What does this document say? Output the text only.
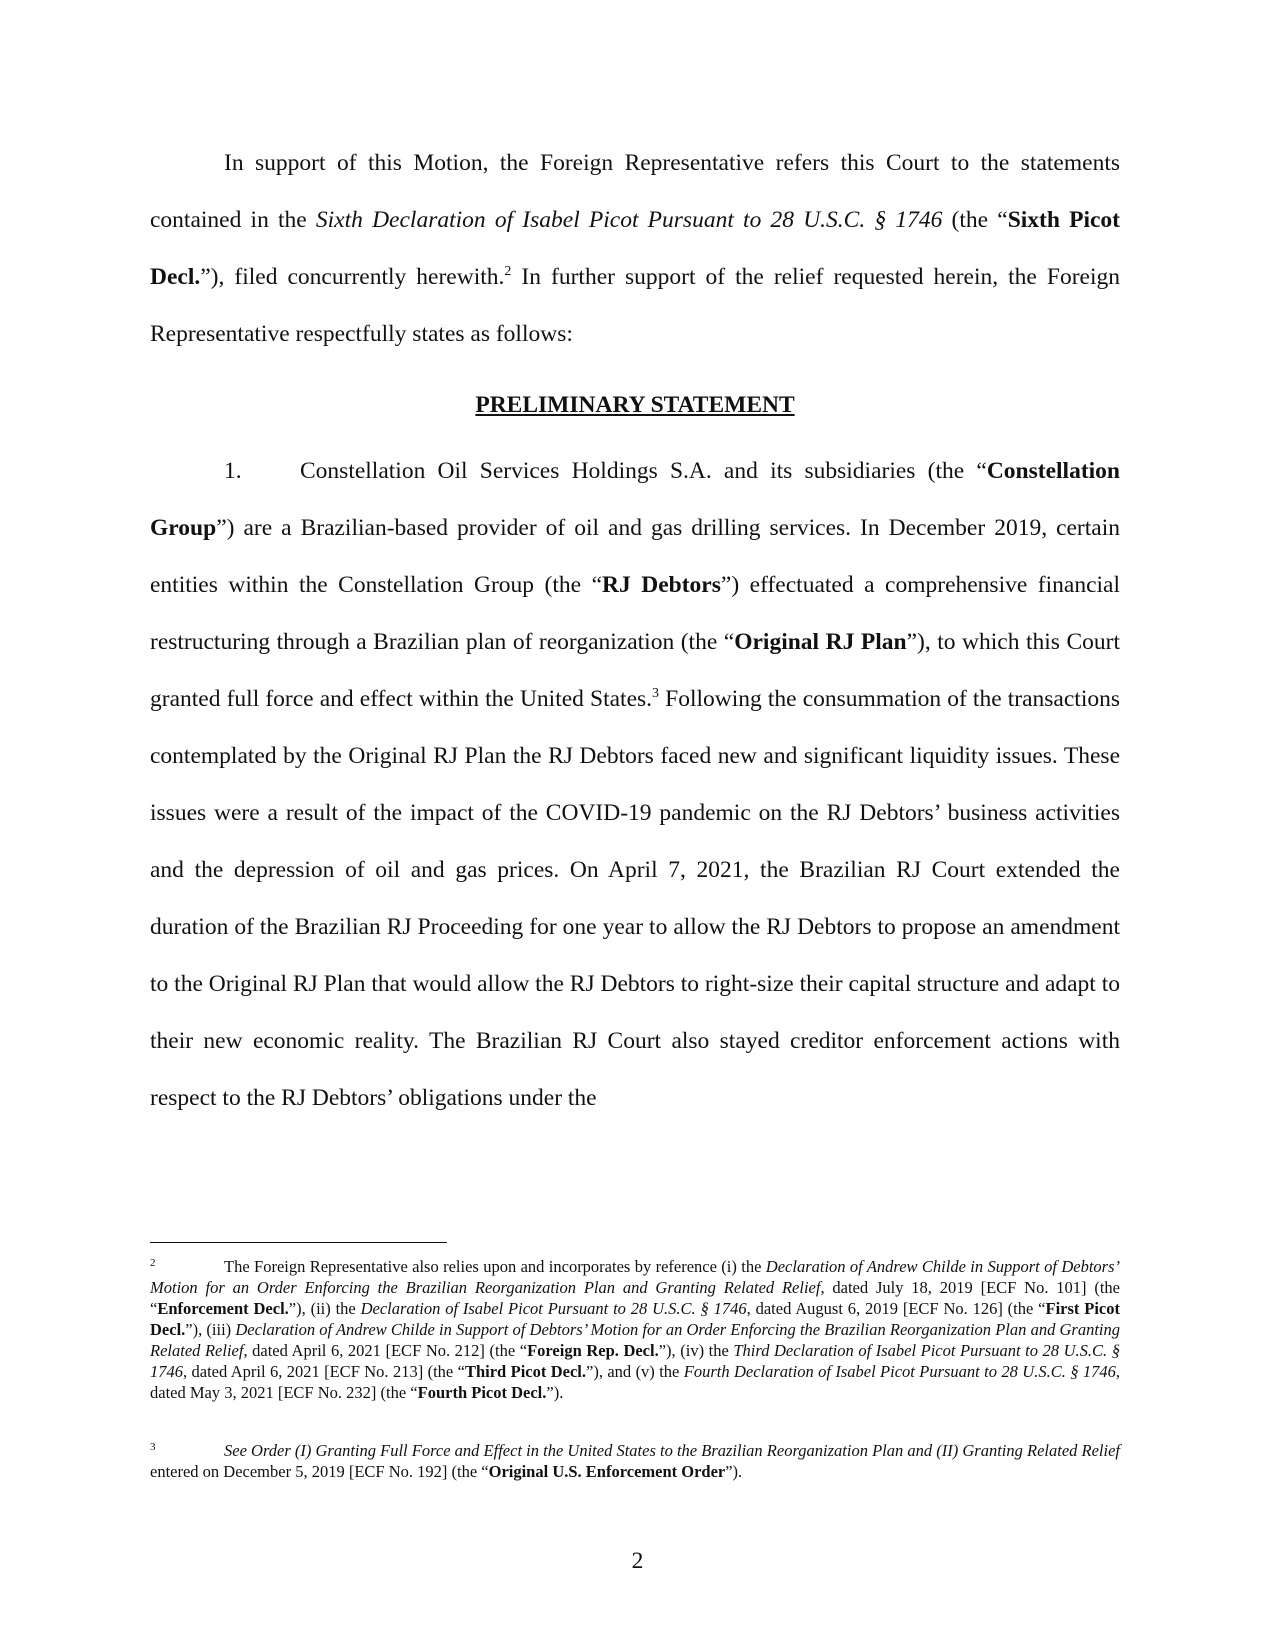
In support of this Motion, the Foreign Representative refers this Court to the statements contained in the Sixth Declaration of Isabel Picot Pursuant to 28 U.S.C. § 1746 (the “Sixth Picot Decl.”), filed concurrently herewith.$^2$ In further support of the relief requested herein, the Foreign Representative respectfully states as follows:

PRELIMINARY STATEMENT

1. Constellation Oil Services Holdings S.A. and its subsidiaries (the “Constellation Group”) are a Brazilian-based provider of oil and gas drilling services. In December 2019, certain entities within the Constellation Group (the “RJ Debtors”) effectuated a comprehensive financial restructuring through a Brazilian plan of reorganization (the “Original RJ Plan”), to which this Court granted full force and effect within the United States.$^3$ Following the consummation of the transactions contemplated by the Original RJ Plan the RJ Debtors faced new and significant liquidity issues. These issues were a result of the impact of the COVID-19 pandemic on the RJ Debtors’ business activities and the depression of oil and gas prices. On April 7, 2021, the Brazilian RJ Court extended the duration of the Brazilian RJ Proceeding for one year to allow the RJ Debtors to propose an amendment to the Original RJ Plan that would allow the RJ Debtors to right-size their capital structure and adapt to their new economic reality. The Brazilian RJ Court also stayed creditor enforcement actions with respect to the RJ Debtors’ obligations under the

2	The Foreign Representative also relies upon and incorporates by reference (i) the Declaration of Andrew Childe in Support of Debtors’ Motion for an Order Enforcing the Brazilian Reorganization Plan and Granting Related Relief, dated July 18, 2019 [ECF No. 101] (the “Enforcement Decl.”), (ii) the Declaration of Isabel Picot Pursuant to 28 U.S.C. § 1746, dated August 6, 2019 [ECF No. 126] (the “First Picot Decl.”), (iii) Declaration of Andrew Childe in Support of Debtors’ Motion for an Order Enforcing the Brazilian Reorganization Plan and Granting Related Relief, dated April 6, 2021 [ECF No. 212] (the “Foreign Rep. Decl.”), (iv) the Third Declaration of Isabel Picot Pursuant to 28 U.S.C. § 1746, dated April 6, 2021 [ECF No. 213] (the “Third Picot Decl.”), and (v) the Fourth Declaration of Isabel Picot Pursuant to 28 U.S.C. § 1746, dated May 3, 2021 [ECF No. 232] (the “Fourth Picot Decl.”).

3	See Order (I) Granting Full Force and Effect in the United States to the Brazilian Reorganization Plan and (II) Granting Related Relief entered on December 5, 2019 [ECF No. 192] (the “Original U.S. Enforcement Order”).

2
